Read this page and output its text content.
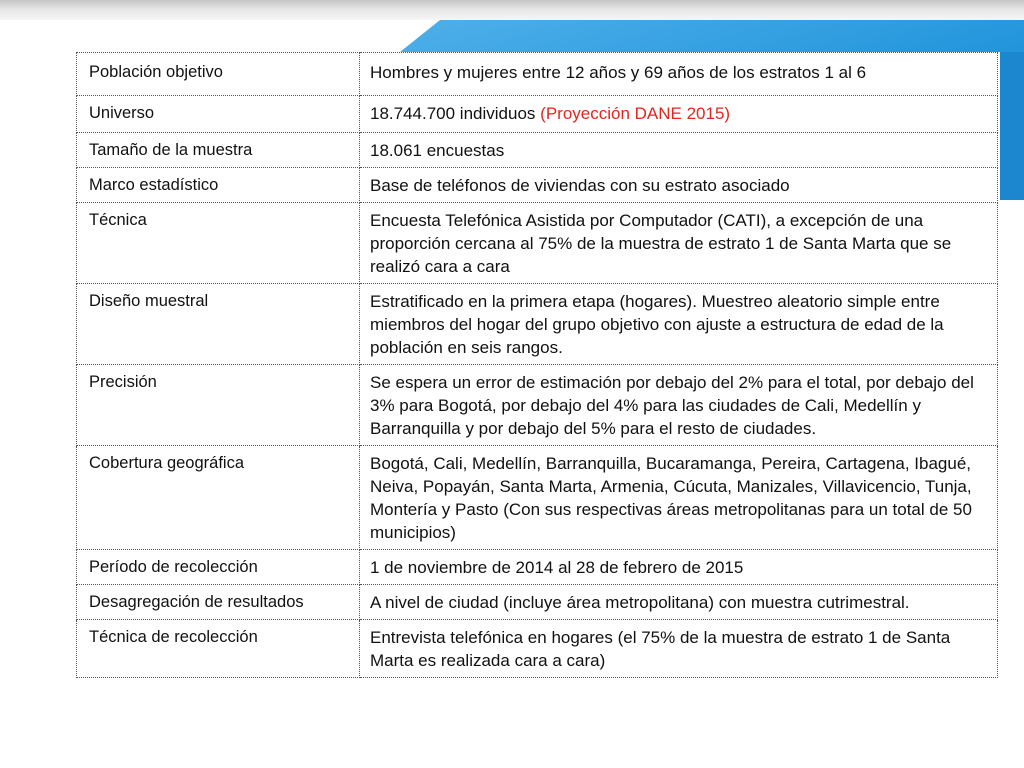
Población objetivo	Hombres y mujeres entre 12 años y 69 años de los estratos 1 al 6
Universo	18.744.700 individuos (Proyección DANE 2015)
Tamaño de la muestra	18.061 encuestas
Marco estadístico	Base de teléfonos de viviendas con su estrato asociado
Técnica	Encuesta Telefónica Asistida por Computador (CATI), a excepción de una proporción cercana al 75% de la muestra de estrato 1 de Santa Marta que se realizó cara a cara
Diseño muestral	Estratificado en la primera etapa (hogares). Muestreo aleatorio simple entre miembros del hogar del grupo objetivo con ajuste a estructura de edad de la población en seis rangos.
Precisión	Se espera un error de estimación por debajo del 2% para el total, por debajo del 3% para Bogotá, por debajo del 4% para las ciudades de Cali, Medellín y Barranquilla y por debajo del 5% para el resto de ciudades.
Cobertura geográfica	Bogotá, Cali, Medellín, Barranquilla, Bucaramanga, Pereira, Cartagena, Ibagué, Neiva, Popayán, Santa Marta, Armenia, Cúcuta, Manizales, Villavicencio, Tunja, Montería y Pasto (Con sus respectivas áreas metropolitanas para un total de 50 municipios)
Período de recolección	1 de noviembre de 2014 al 28 de febrero de 2015
Desagregación de resultados	A nivel de ciudad (incluye área metropolitana) con muestra cutrimestral.
Técnica de recolección	Entrevista telefónica en hogares (el 75% de la muestra de estrato 1 de Santa Marta es realizada cara a cara)
